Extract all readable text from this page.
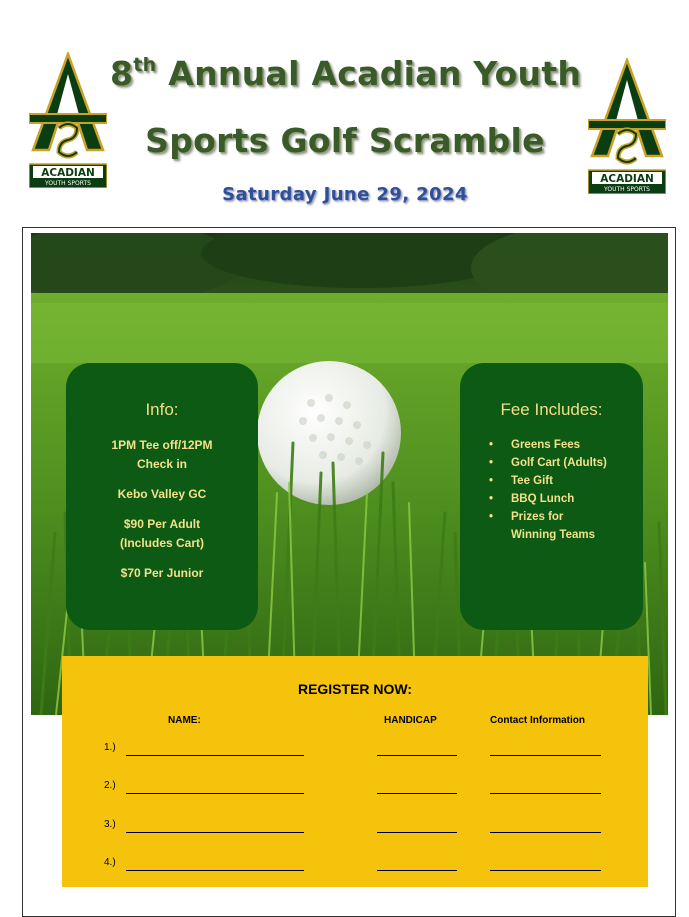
ACADIAN
YOUTH SPORTS	ACADIAN
YOUTH SPORTS
8th Annual Acadian Youth
Sports Golf Scramble
Saturday June 29, 2024
Info:

1PM Tee off/12PM
Check in

Kebo Valley GC

$90 Per Adult
(Includes Cart)

$70 Per Junior

Fee Includes:
• Greens Fees
• Golf Cart (Adults)
• Tee Gift
• BBQ Lunch
• Prizes for Winning Teams
REGISTER NOW:
NAME:	HANDICAP	Contact Information
1.)
2.)
3.)
4.)
